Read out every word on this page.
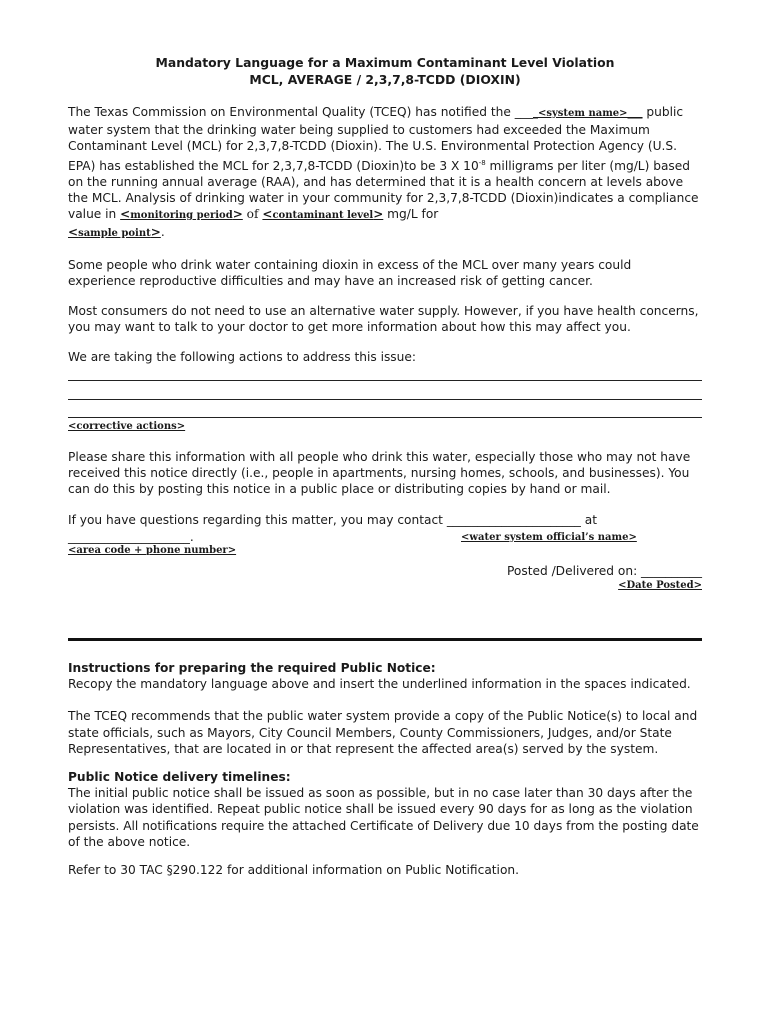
Mandatory Language for a Maximum Contaminant Level Violation

MCL, AVERAGE / 2,3,7,8-TCDD (DIOXIN)

The Texas Commission on Environmental Quality (TCEQ) has notified the ____<system name>___ public water system that the drinking water being supplied to customers had exceeded the Maximum Contaminant Level (MCL) for 2,3,7,8-TCDD (Dioxin). The U.S. Environmental Protection Agency (U.S. EPA) has established the MCL for 2,3,7,8-TCDD (Dioxin)to be 3 X $10^{-8}$ milligrams per liter (mg/L) based on the running annual average (RAA), and has determined that it is a health concern at levels above the MCL. Analysis of drinking water in your community for 2,3,7,8-TCDD (Dioxin)indicates a compliance value in <monitoring period> of <contaminant level> mg/L for
<sample point>.

Some people who drink water containing dioxin in excess of the MCL over many years could experience reproductive difficulties and may have an increased risk of getting cancer.

Most consumers do not need to use an alternative water supply. However, if you have health concerns, you may want to talk to your doctor to get more information about how this may affect you.

We are taking the following actions to address this issue:

<corrective actions>

Please share this information with all people who drink this water, especially those who may not have received this notice directly (i.e., people in apartments, nursing homes, schools, and businesses). You can do this by posting this notice in a public place or distributing copies by hand or mail.

If you have questions regarding this matter, you may contact ______________________ at

____________________.	<water system official’s name>

<area code + phone number>

Posted /Delivered on: __________

<Date Posted>

Instructions for preparing the required Public Notice:

Recopy the mandatory language above and insert the underlined information in the spaces indicated.

The TCEQ recommends that the public water system provide a copy of the Public Notice(s) to local and state officials, such as Mayors, City Council Members, County Commissioners, Judges, and/or State Representatives, that are located in or that represent the affected area(s) served by the system.

Public Notice delivery timelines:

The initial public notice shall be issued as soon as possible, but in no case later than 30 days after the violation was identified. Repeat public notice shall be issued every 90 days for as long as the violation persists. All notifications require the attached Certificate of Delivery due 10 days from the posting date of the above notice.

Refer to 30 TAC §290.122 for additional information on Public Notification.
